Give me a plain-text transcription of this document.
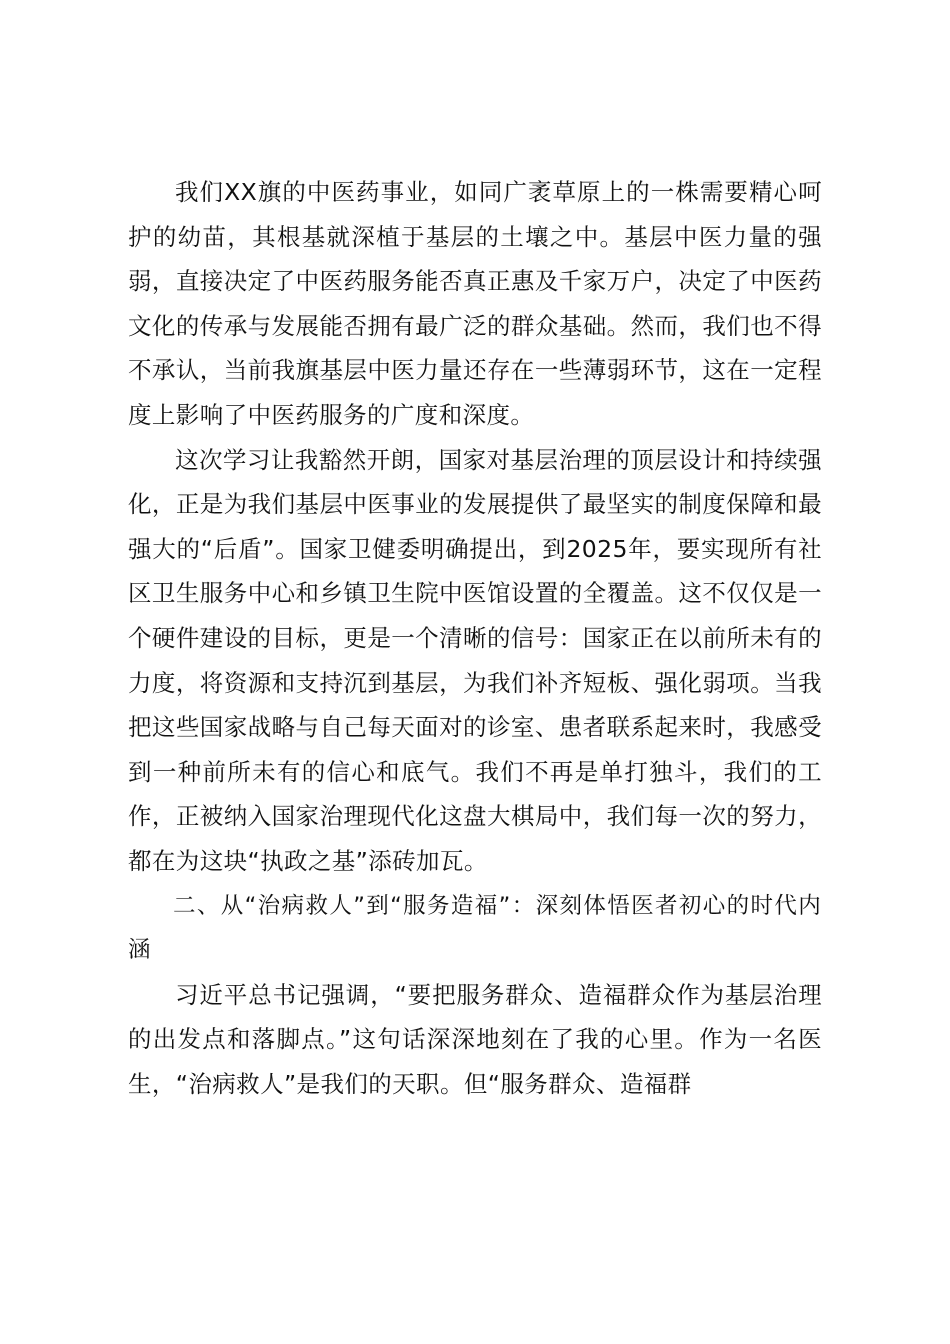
我们XX旗的中医药事业，如同广袤草原上的一株需要精心呵护的幼苗，其根基就深植于基层的土壤之中。基层中医力量的强弱，直接决定了中医药服务能否真正惠及千家万户，决定了中医药文化的传承与发展能否拥有最广泛的群众基础。然而，我们也不得不承认，当前我旗基层中医力量还存在一些薄弱环节，这在一定程度上影响了中医药服务的广度和深度。

这次学习让我豁然开朗，国家对基层治理的顶层设计和持续强化，正是为我们基层中医事业的发展提供了最坚实的制度保障和最强大的“后盾”。国家卫健委明确提出，到2025年，要实现所有社区卫生服务中心和乡镇卫生院中医馆设置的全覆盖。这不仅仅是一个硬件建设的目标，更是一个清晰的信号：国家正在以前所未有的力度，将资源和支持沉到基层，为我们补齐短板、强化弱项。当我把这些国家战略与自己每天面对的诊室、患者联系起来时，我感受到一种前所未有的信心和底气。我们不再是单打独斗，我们的工作，正被纳入国家治理现代化这盘大棋局中，我们每一次的努力，都在为这块“执政之基”添砖加瓦。

二、从“治病救人”到“服务造福”：深刻体悟医者初心的时代内涵

习近平总书记强调，“要把服务群众、造福群众作为基层治理的出发点和落脚点。”这句话深深地刻在了我的心里。作为一名医生，“治病救人”是我们的天职。但“服务群众、造福群
